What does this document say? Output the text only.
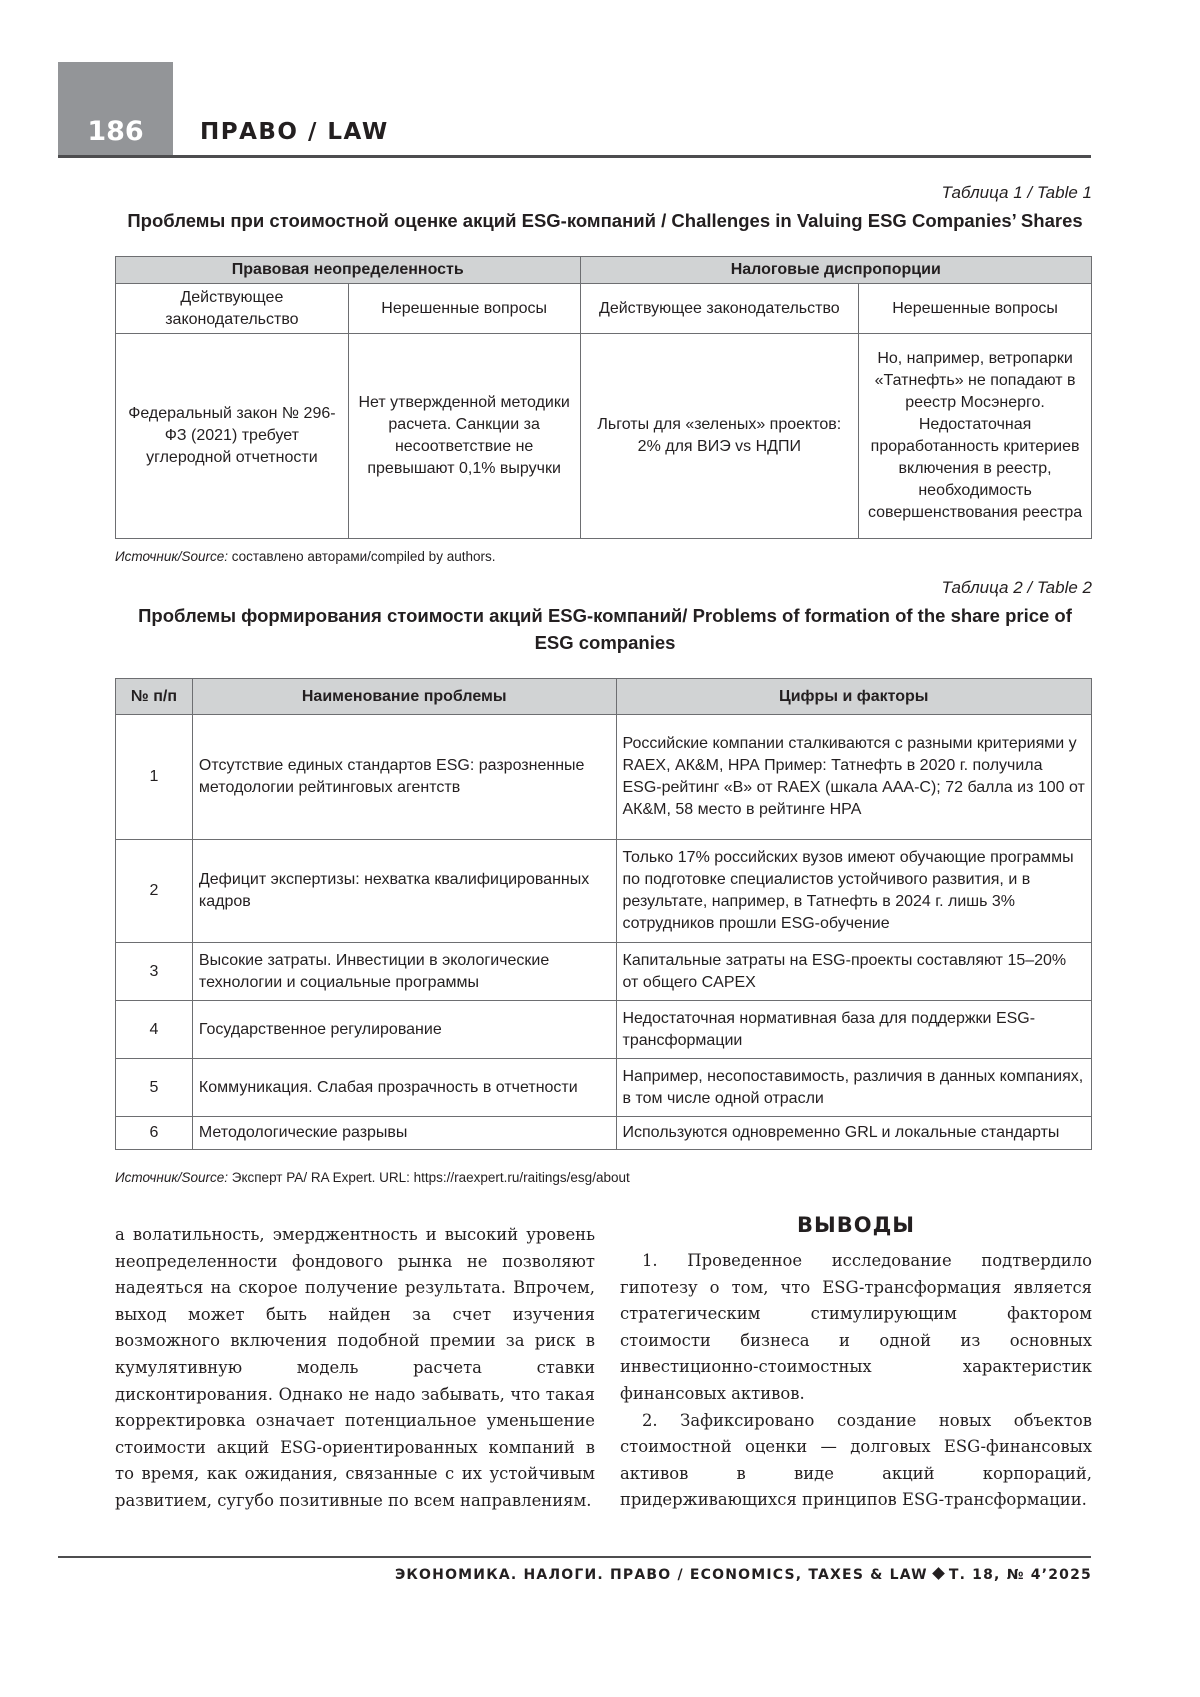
186	ПРАВО / LAW
Таблица 1 / Table 1
Проблемы при стоимостной оценке акций ESG-компаний / Challenges in Valuing ESG Companies’ Shares
Правовая неопределенность		Налоговые диспропорции	
Действующее законодательство	Нерешенные вопросы	Действующее законодательство	Нерешенные вопросы
Федеральный закон № 296-ФЗ (2021) требует углеродной отчетности	Нет утвержденной методики расчета. Санкции за несоответствие не превышают 0,1% выручки	Льготы для «зеленых» проектов: 2% для ВИЭ vs НДПИ	Но, например, ветропарки «Татнефть» не попадают в реестр Мосэнерго. Недостаточная проработанность критериев включения в реестр, необходимость совершенствования реестра
Источник/Source: составлено авторами/compiled by authors.
Таблица 2 / Table 2
Проблемы формирования стоимости акций ESG-компаний/ Problems of formation of the share price of ESG companies
№ п/п	Наименование проблемы	Цифры и факторы
1	Отсутствие единых стандартов ESG: разрозненные методологии рейтинговых агентств	Российские компании сталкиваются с разными критериями у RAEX, АК&М, НРА Пример: Татнефть в 2020 г. получила ESG-рейтинг «B» от RAEX (шкала AAA-C); 72 балла из 100 от АК&М, 58 место в рейтинге НРА
2	Дефицит экспертизы: нехватка квалифицированных кадров	Только 17% российских вузов имеют обучающие программы по подготовке специалистов устойчивого развития, и в результате, например, в Татнефть в 2024 г. лишь 3% сотрудников прошли ESG-обучение
3	Высокие затраты. Инвестиции в экологические технологии и социальные программы	Капитальные затраты на ESG-проекты составляют 15–20% от общего CAPEX
4	Государственное регулирование	Недостаточная нормативная база для поддержки ESG-трансформации
5	Коммуникация. Слабая прозрачность в отчетности	Например, несопоставимость, различия в данных компаниях, в том числе одной отрасли
6	Методологические разрывы	Используются одновременно GRL и локальные стандарты
Источник/Source: Эксперт РА/ RA Expert. URL: https://raexpert.ru/raitings/esg/about
а волатильность, эмерджентность и высокий уровень неопределенности фондового рынка не позволяют надеяться на скорое получение результата. Впрочем, выход может быть найден за счет изучения возможного включения подобной премии за риск в кумулятивную модель расчета ставки дисконтирования. Однако не надо забывать, что такая корректировка означает потенциальное уменьшение стоимости акций ESG-ориентированных компаний в то время, как ожидания, связанные с их устойчивым развитием, сугубо позитивные по всем направлениям.
ВЫВОДЫ

1. Проведенное исследование подтвердило гипотезу о том, что ESG-трансформация является стратегическим стимулирующим фактором стоимости бизнеса и одной из основных инвестиционно-стоимостных характеристик финансовых активов.

2. Зафиксировано создание новых объектов стоимостной оценки — долговых ESG-финансовых активов в виде акций корпораций, придерживающихся принципов ESG-трансформации.

ЭКОНОМИКА. НАЛОГИ. ПРАВО / ECONOMICS, TAXES & LAW Т. 18, № 4’2025
